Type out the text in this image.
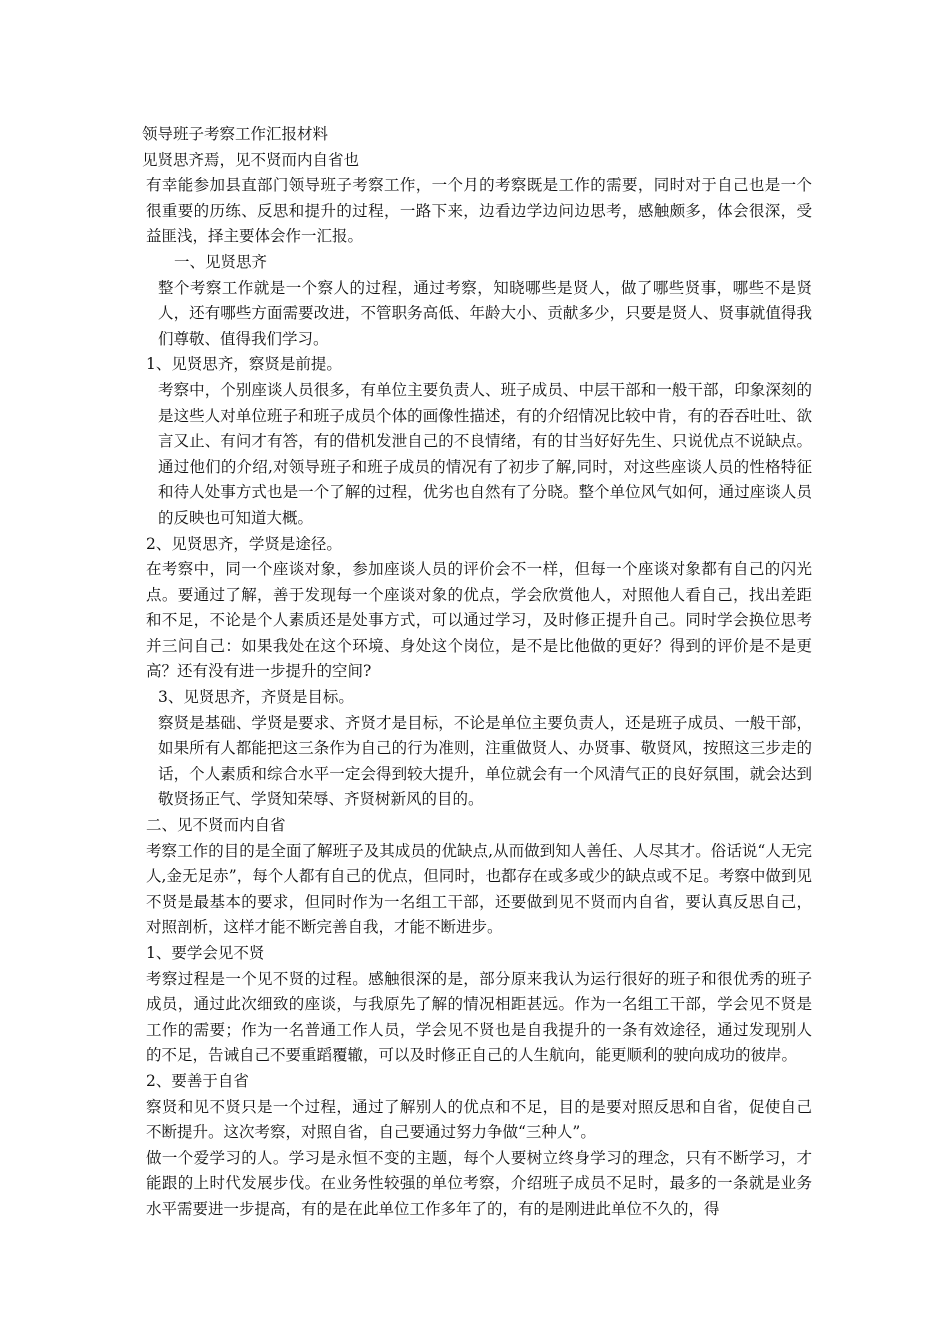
领导班子考察工作汇报材料
见贤思齐焉，见不贤而内自省也
有幸能参加县直部门领导班子考察工作，一个月的考察既是工作的需要，同时对于自己也是一个很重要的历练、反思和提升的过程，一路下来，边看边学边问边思考，感触颇多，体会很深，受益匪浅，择主要体会作一汇报。
一、见贤思齐
整个考察工作就是一个察人的过程，通过考察，知晓哪些是贤人，做了哪些贤事，哪些不是贤人，还有哪些方面需要改进，不管职务高低、年龄大小、贡献多少，只要是贤人、贤事就值得我们尊敬、值得我们学习。
1、见贤思齐，察贤是前提。
考察中，个别座谈人员很多，有单位主要负责人、班子成员、中层干部和一般干部，印象深刻的是这些人对单位班子和班子成员个体的画像性描述，有的介绍情况比较中肯，有的吞吞吐吐、欲言又止、有问才有答，有的借机发泄自己的不良情绪，有的甘当好好先生、只说优点不说缺点。通过他们的介绍,对领导班子和班子成员的情况有了初步了解,同时，对这些座谈人员的性格特征和待人处事方式也是一个了解的过程，优劣也自然有了分晓。整个单位风气如何，通过座谈人员的反映也可知道大概。
2、见贤思齐，学贤是途径。
在考察中，同一个座谈对象，参加座谈人员的评价会不一样，但每一个座谈对象都有自己的闪光点。要通过了解，善于发现每一个座谈对象的优点，学会欣赏他人，对照他人看自己，找出差距和不足，不论是个人素质还是处事方式，可以通过学习，及时修正提升自己。同时学会换位思考并三问自己：如果我处在这个环境、身处这个岗位，是不是比他做的更好？得到的评价是不是更高？还有没有进一步提升的空间?
3、见贤思齐，齐贤是目标。
察贤是基础、学贤是要求、齐贤才是目标，不论是单位主要负责人，还是班子成员、一般干部，如果所有人都能把这三条作为自己的行为准则，注重做贤人、办贤事、敬贤风，按照这三步走的话，个人素质和综合水平一定会得到较大提升，单位就会有一个风清气正的良好氛围，就会达到敬贤扬正气、学贤知荣辱、齐贤树新风的目的。
二、见不贤而内自省
考察工作的目的是全面了解班子及其成员的优缺点,从而做到知人善任、人尽其才。俗话说“人无完人,金无足赤”，每个人都有自己的优点，但同时，也都存在或多或少的缺点或不足。考察中做到见不贤是最基本的要求，但同时作为一名组工干部，还要做到见不贤而内自省，要认真反思自己，对照剖析，这样才能不断完善自我，才能不断进步。
1、要学会见不贤
考察过程是一个见不贤的过程。感触很深的是，部分原来我认为运行很好的班子和很优秀的班子成员，通过此次细致的座谈，与我原先了解的情况相距甚远。作为一名组工干部，学会见不贤是工作的需要；作为一名普通工作人员，学会见不贤也是自我提升的一条有效途径，通过发现别人的不足，告诫自己不要重蹈覆辙，可以及时修正自己的人生航向，能更顺利的驶向成功的彼岸。
2、要善于自省
察贤和见不贤只是一个过程，通过了解别人的优点和不足，目的是要对照反思和自省，促使自己不断提升。这次考察，对照自省，自己要通过努力争做“三种人”。
做一个爱学习的人。学习是永恒不变的主题，每个人要树立终身学习的理念，只有不断学习，才能跟的上时代发展步伐。在业务性较强的单位考察，介绍班子成员不足时，最多的一条就是业务水平需要进一步提高，有的是在此单位工作多年了的，有的是刚进此单位不久的，得
